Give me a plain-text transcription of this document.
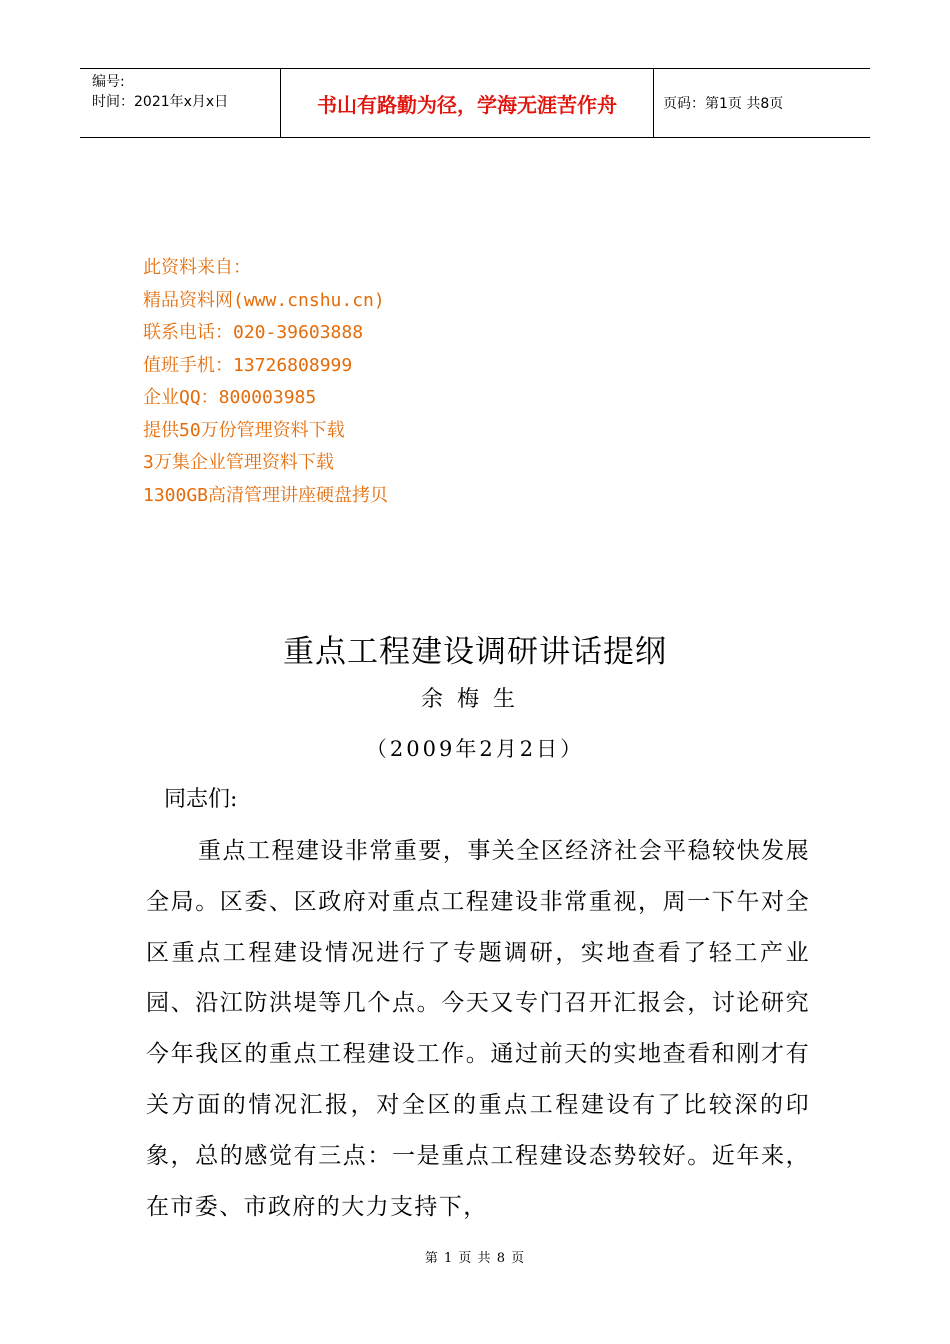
编号:
时间：2021年x月x日	书山有路勤为径，学海无涯苦作舟	页码：第1页 共8页
此资料来自：
精品资料网(www.cnshu.cn)
联系电话：020-39603888
值班手机：13726808999
企业QQ：800003985
提供50万份管理资料下载
3万集企业管理资料下载
1300GB高清管理讲座硬盘拷贝
重点工程建设调研讲话提纲
余梅生
（2009年2月2日）
同志们:

重点工程建设非常重要，事关全区经济社会平稳较快发展全局。区委、区政府对重点工程建设非常重视，周一下午对全区重点工程建设情况进行了专题调研，实地查看了轻工产业园、沿江防洪堤等几个点。今天又专门召开汇报会，讨论研究今年我区的重点工程建设工作。通过前天的实地查看和刚才有关方面的情况汇报，对全区的重点工程建设有了比较深的印象，总的感觉有三点：一是重点工程建设态势较好。近年来，在市委、市政府的大力支持下，

第 1 页 共 8 页
